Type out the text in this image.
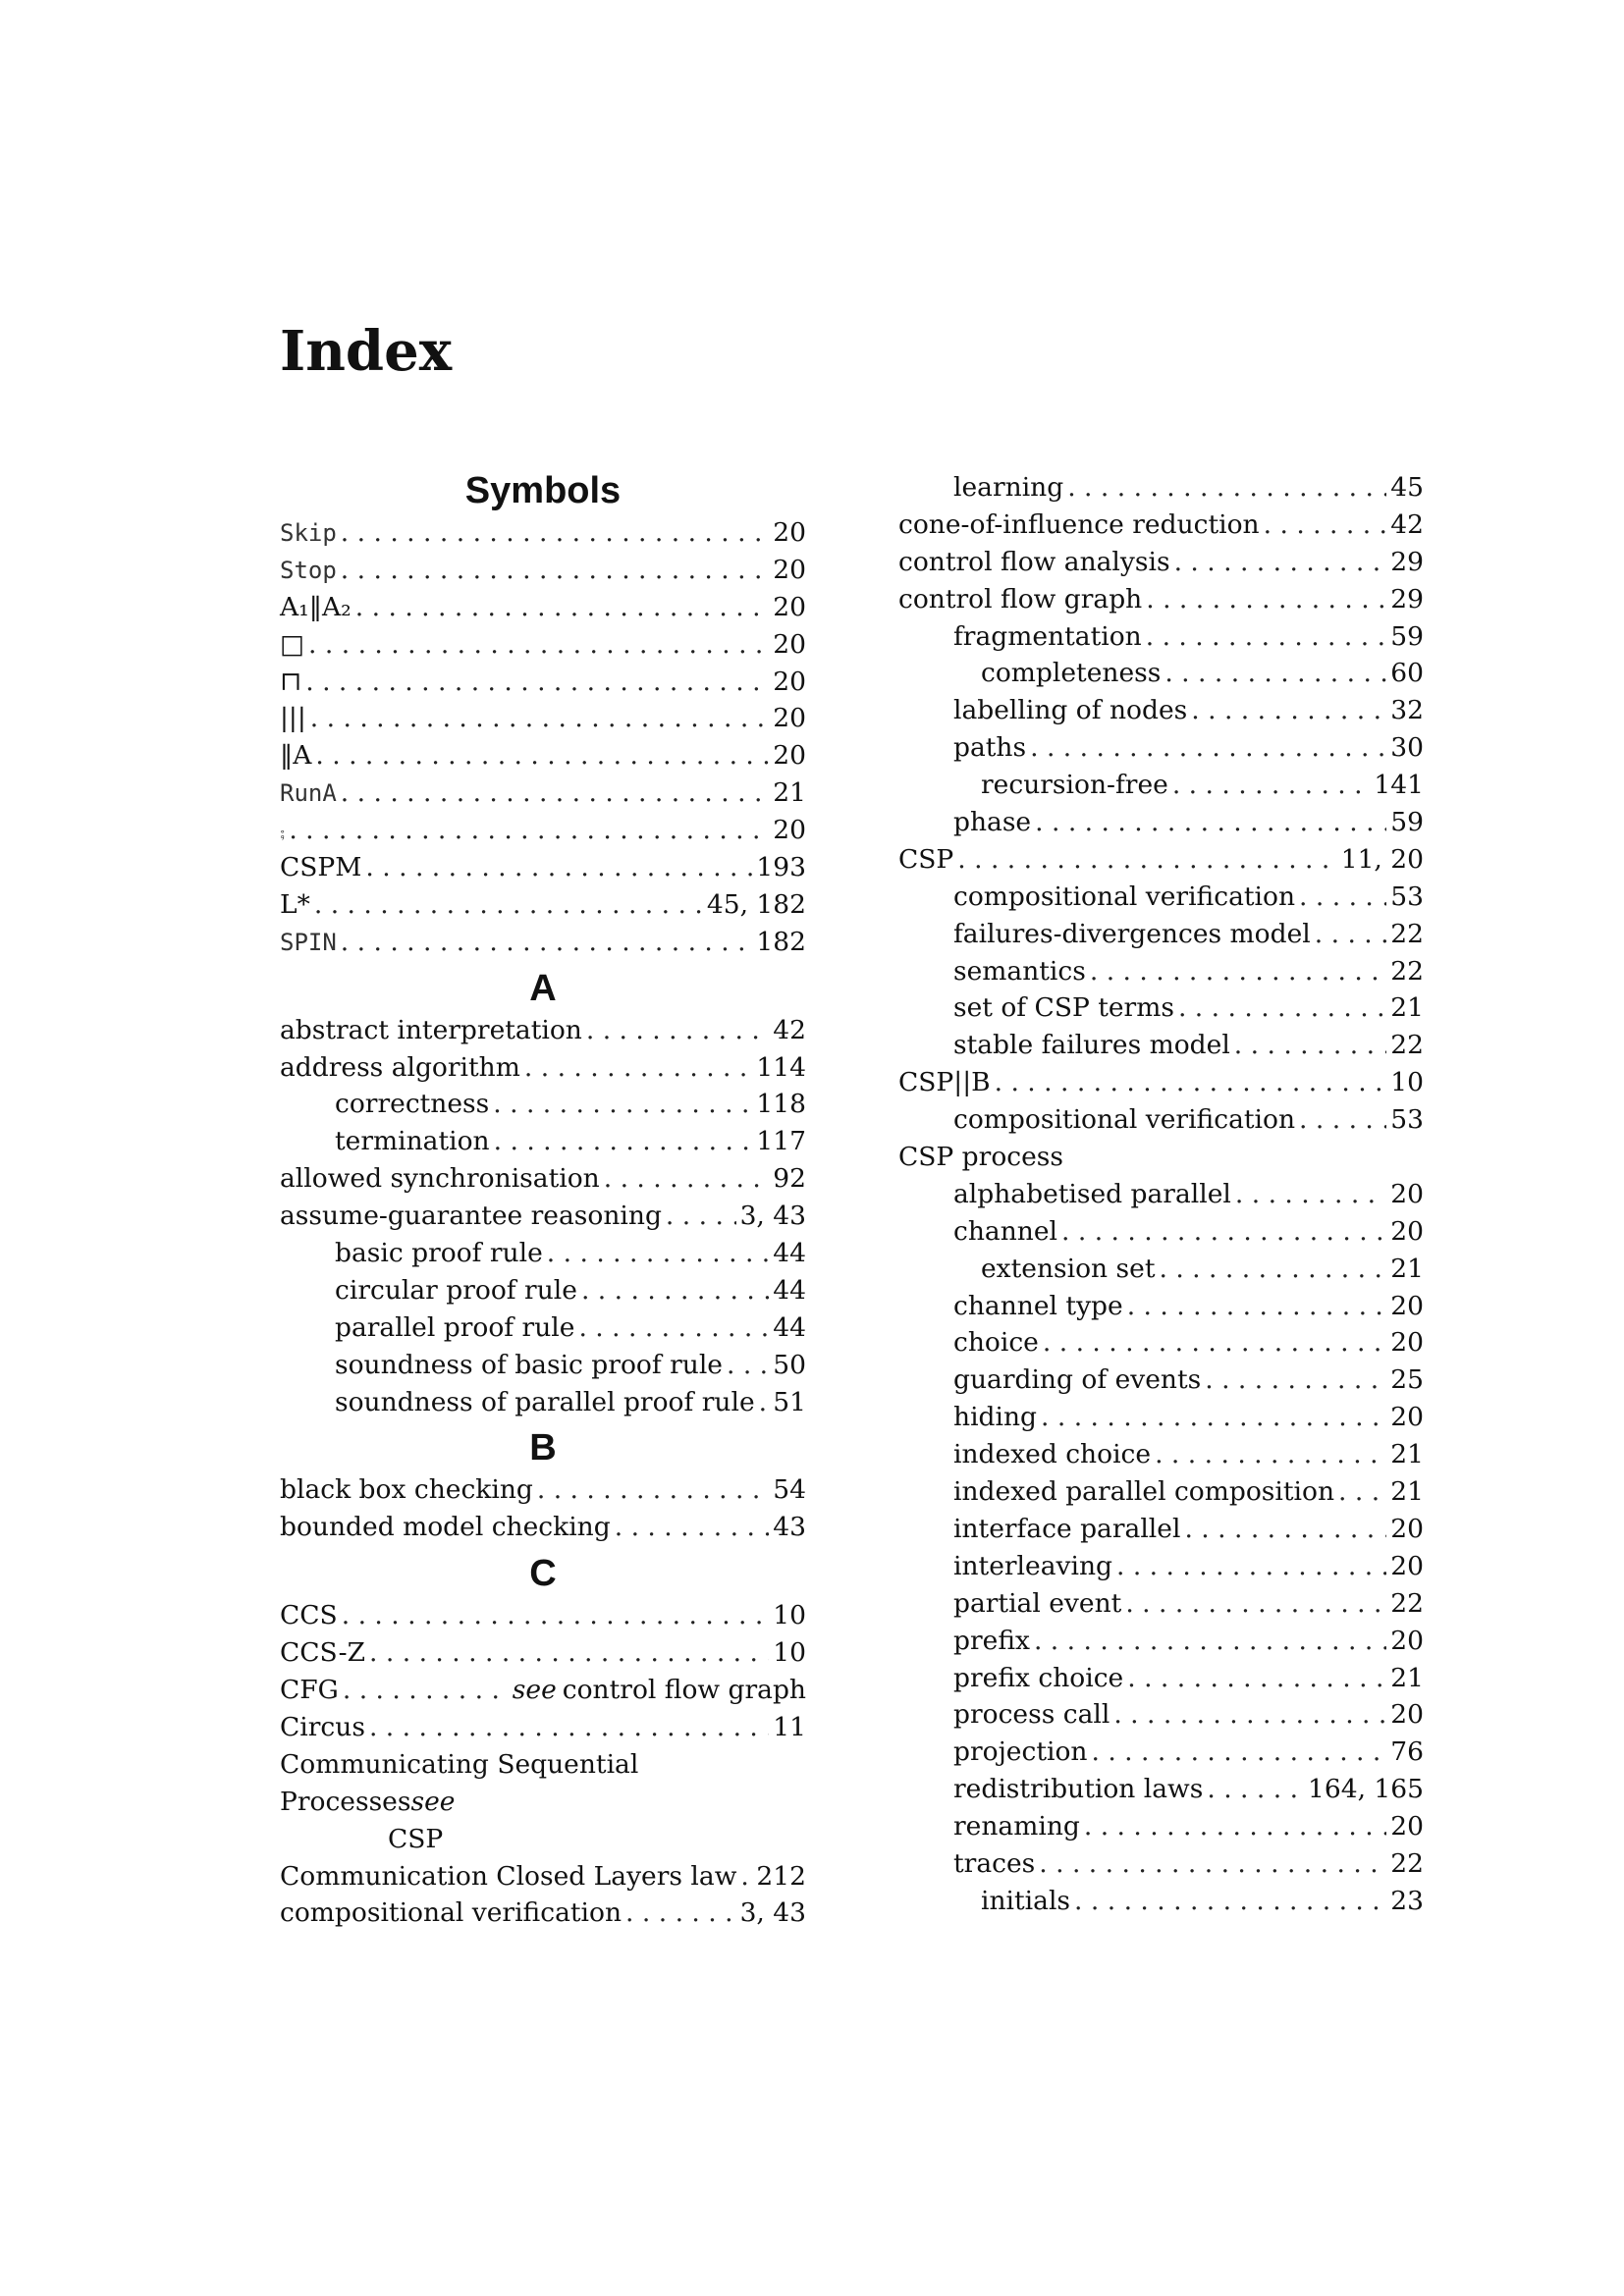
Index
Symbols
Skip . . .	20
Stop . . .	20
A₁‖A₂ . . .	20
□ . . .	20
⊓ . . .	20
||| . . .	20
‖A . . .	20
RunA . . .	21
⨾ . . .	20
CSPM . . .	193
L* . . .	45, 182
SPIN . . .	182
A
abstract interpretation . . .	42
address algorithm . . .	114
correctness . . .	118
termination . . .	117
allowed synchronisation . . .	92
assume-guarantee reasoning . . .	3, 43
basic proof rule . . .	44
circular proof rule . . .	44
parallel proof rule . . .	44
soundness of basic proof rule . . . 50
soundness of parallel proof rule . . . 51
B
black box checking . . .	54
bounded model checking . . .	43
C
CCS . . .	10
CCS-Z . . .	10
CFG . . .	see control flow graph
Circus . . .	11
Communicating Sequential Processessee
CSP
Communication Closed Layers law . . . 212
compositional verification . . .	3, 43
learning . . .	45
cone-of-influence reduction . . .	42
control flow analysis . . .	29
control flow graph . . .	29
fragmentation . . .	59
completeness . . .	60
labelling of nodes . . .	32
paths . . .	30
recursion-free . . .	141
phase . . .	59
CSP . . .	11, 20
compositional verification . . .	53
failures-divergences model . . .	22
semantics . . .	22
set of CSP terms . . .	21
stable failures model . . .	22
CSP||B . . .	10
compositional verification . . .	53
CSP process
alphabetised parallel . . .	20
channel . . .	20
extension set . . .	21
channel type . . .	20
choice . . .	20
guarding of events . . .	25
hiding . . .	20
indexed choice . . .	21
indexed parallel composition . . . 21
interface parallel . . .	20
interleaving . . .	20
partial event . . .	22
prefix . . .	20
prefix choice . . .	21
process call . . .	20
projection . . .	76
redistribution laws . . .	164, 165
renaming . . .	20
traces . . .	22
initials . . .	23
